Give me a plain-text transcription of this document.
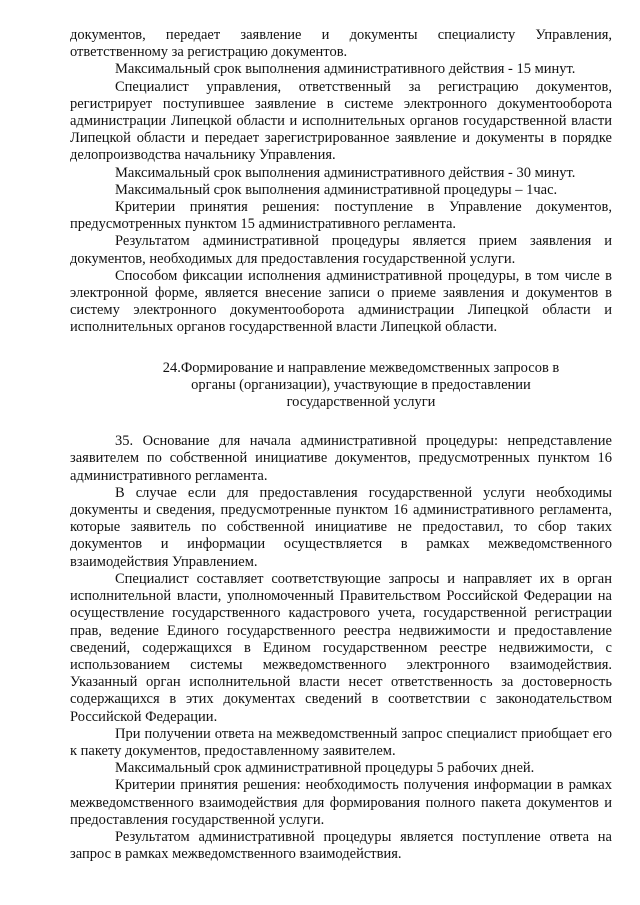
документов, передает заявление и документы специалисту Управления, ответственному за регистрацию документов.

Максимальный срок выполнения административного действия - 15 минут.

Специалист управления, ответственный за регистрацию документов, регистрирует поступившее заявление в системе электронного документооборота администрации Липецкой области и исполнительных органов государственной власти Липецкой области и передает зарегистрированное заявление и документы в порядке делопроизводства начальнику Управления.

Максимальный срок выполнения административного действия - 30 минут.

Максимальный срок выполнения административной процедуры – 1час.

Критерии принятия решения: поступление в Управление документов, предусмотренных пунктом 15 административного регламента.

Результатом административной процедуры является прием заявления и документов, необходимых для предоставления государственной услуги.

Способом фиксации исполнения административной процедуры, в том числе в электронной форме, является внесение записи о приеме заявления и документов в систему электронного документооборота администрации Липецкой области и исполнительных органов государственной власти Липецкой области.

24.Формирование и направление межведомственных запросов в органы (организации), участвующие в предоставлении государственной услуги

35. Основание для начала административной процедуры: непредставление заявителем по собственной инициативе документов, предусмотренных пунктом 16 административного регламента.

В случае если для предоставления государственной услуги необходимы документы и сведения, предусмотренные пунктом 16 административного регламента, которые заявитель по собственной инициативе не предоставил, то сбор таких документов и информации осуществляется в рамках межведомственного взаимодействия Управлением.

Специалист составляет соответствующие запросы и направляет их в орган исполнительной власти, уполномоченный Правительством Российской Федерации на осуществление государственного кадастрового учета, государственной регистрации прав, ведение Единого государственного реестра недвижимости и предоставление сведений, содержащихся в Едином государственном реестре недвижимости, с использованием системы межведомственного электронного взаимодействия. Указанный орган исполнительной власти несет ответственность за достоверность содержащихся в этих документах сведений в соответствии с законодательством Российской Федерации.

При получении ответа на межведомственный запрос специалист приобщает его к пакету документов, предоставленному заявителем.

Максимальный срок административной процедуры 5 рабочих дней.

Критерии принятия решения: необходимость получения информации в рамках межведомственного взаимодействия для формирования полного пакета документов и предоставления государственной услуги.

Результатом административной процедуры является поступление ответа на запрос в рамках межведомственного взаимодействия.
